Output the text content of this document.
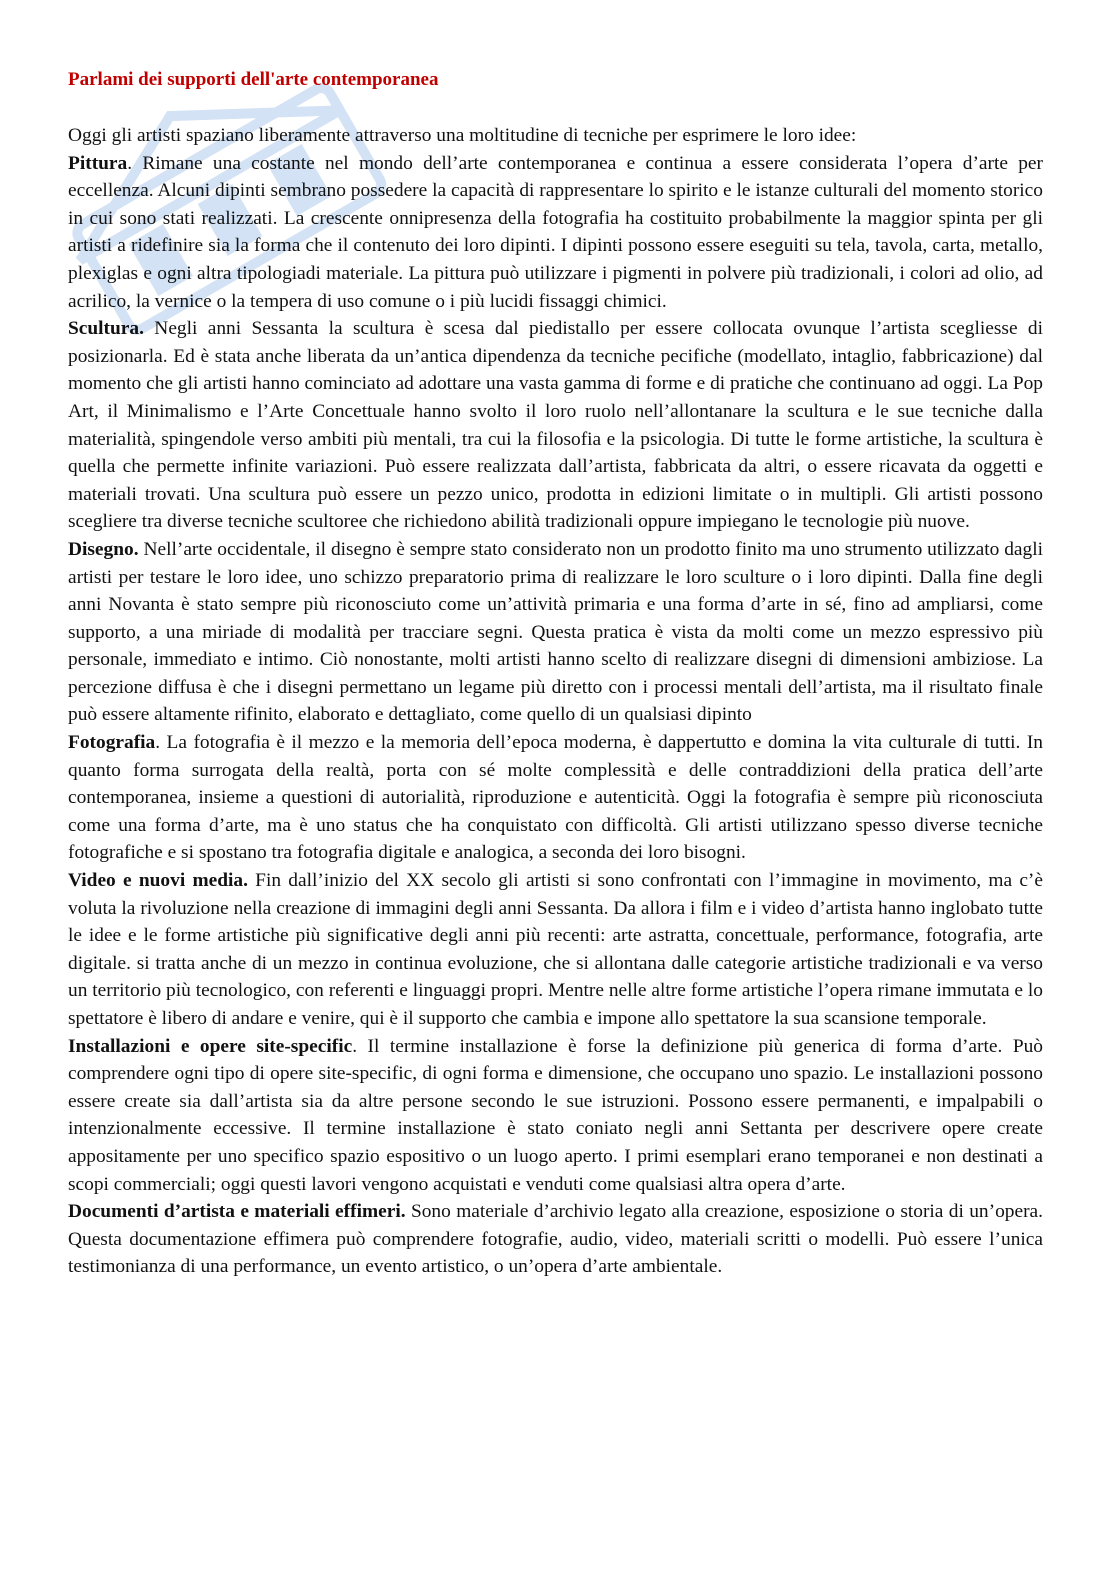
Parlami dei supporti dell'arte contemporanea

Oggi gli artisti spaziano liberamente attraverso una moltitudine di tecniche per esprimere le loro idee:

Pittura. Rimane una costante nel mondo dell’arte contemporanea e continua a essere considerata l’opera d’arte per eccellenza. Alcuni dipinti sembrano possedere la capacità di rappresentare lo spirito e le istanze culturali del momento storico in cui sono stati realizzati. La crescente onnipresenza della fotografia ha costituito probabilmente la maggior spinta per gli artisti a ridefinire sia la forma che il contenuto dei loro dipinti. I dipinti possono essere eseguiti su tela, tavola, carta, metallo, plexiglas e ogni altra tipologiadi materiale. La pittura può utilizzare i pigmenti in polvere più tradizionali, i colori ad olio, ad acrilico, la vernice o la tempera di uso comune o i più lucidi fissaggi chimici.

Scultura. Negli anni Sessanta la scultura è scesa dal piedistallo per essere collocata ovunque l’artista scegliesse di posizionarla. Ed è stata anche liberata da un’antica dipendenza da tecniche pecifiche (modellato, intaglio, fabbricazione) dal momento che gli artisti hanno cominciato ad adottare una vasta gamma di forme e di pratiche che continuano ad oggi. La Pop Art, il Minimalismo e l’Arte Concettuale hanno svolto il loro ruolo nell’allontanare la scultura e le sue tecniche dalla materialità, spingendole verso ambiti più mentali, tra cui la filosofia e la psicologia. Di tutte le forme artistiche, la scultura è quella che permette infinite variazioni. Può essere realizzata dall’artista, fabbricata da altri, o essere ricavata da oggetti e materiali trovati. Una scultura può essere un pezzo unico, prodotta in edizioni limitate o in multipli. Gli artisti possono scegliere tra diverse tecniche scultoree che richiedono abilità tradizionali oppure impiegano le tecnologie più nuove.

Disegno. Nell’arte occidentale, il disegno è sempre stato considerato non un prodotto finito ma uno strumento utilizzato dagli artisti per testare le loro idee, uno schizzo preparatorio prima di realizzare le loro sculture o i loro dipinti. Dalla fine degli anni Novanta è stato sempre più riconosciuto come un’attività primaria e una forma d’arte in sé, fino ad ampliarsi, come supporto, a una miriade di modalità per tracciare segni. Questa pratica è vista da molti come un mezzo espressivo più personale, immediato e intimo. Ciò nonostante, molti artisti hanno scelto di realizzare disegni di dimensioni ambiziose. La percezione diffusa è che i disegni permettano un legame più diretto con i processi mentali dell’artista, ma il risultato finale può essere altamente rifinito, elaborato e dettagliato, come quello di un qualsiasi dipinto

Fotografia. La fotografia è il mezzo e la memoria dell’epoca moderna, è dappertutto e domina la vita culturale di tutti. In quanto forma surrogata della realtà, porta con sé molte complessità e delle contraddizioni della pratica dell’arte contemporanea, insieme a questioni di autorialità, riproduzione e autenticità. Oggi la fotografia è sempre più riconosciuta come una forma d’arte, ma è uno status che ha conquistato con difficoltà. Gli artisti utilizzano spesso diverse tecniche fotografiche e si spostano tra fotografia digitale e analogica, a seconda dei loro bisogni.

Video e nuovi media. Fin dall’inizio del XX secolo gli artisti si sono confrontati con l’immagine in movimento, ma c’è voluta la rivoluzione nella creazione di immagini degli anni Sessanta. Da allora i film e i video d’artista hanno inglobato tutte le idee e le forme artistiche più significative degli anni più recenti: arte astratta, concettuale, performance, fotografia, arte digitale. si tratta anche di un mezzo in continua evoluzione, che si allontana dalle categorie artistiche tradizionali e va verso un territorio più tecnologico, con referenti e linguaggi propri. Mentre nelle altre forme artistiche l’opera rimane immutata e lo spettatore è libero di andare e venire, qui è il supporto che cambia e impone allo spettatore la sua scansione temporale.

Installazioni e opere site-specific. Il termine installazione è forse la definizione più generica di forma d’arte. Può comprendere ogni tipo di opere site-specific, di ogni forma e dimensione, che occupano uno spazio. Le installazioni possono essere create sia dall’artista sia da altre persone secondo le sue istruzioni. Possono essere permanenti, e impalpabili o intenzionalmente eccessive. Il termine installazione è stato coniato negli anni Settanta per descrivere opere create appositamente per uno specifico spazio espositivo o un luogo aperto. I primi esemplari erano temporanei e non destinati a scopi commerciali; oggi questi lavori vengono acquistati e venduti come qualsiasi altra opera d’arte.

Documenti d’artista e materiali effimeri. Sono materiale d’archivio legato alla creazione, esposizione o storia di un’opera. Questa documentazione effimera può comprendere fotografie, audio, video, materiali scritti o modelli. Può essere l’unica testimonianza di una performance, un evento artistico, o un’opera d’arte ambientale.
